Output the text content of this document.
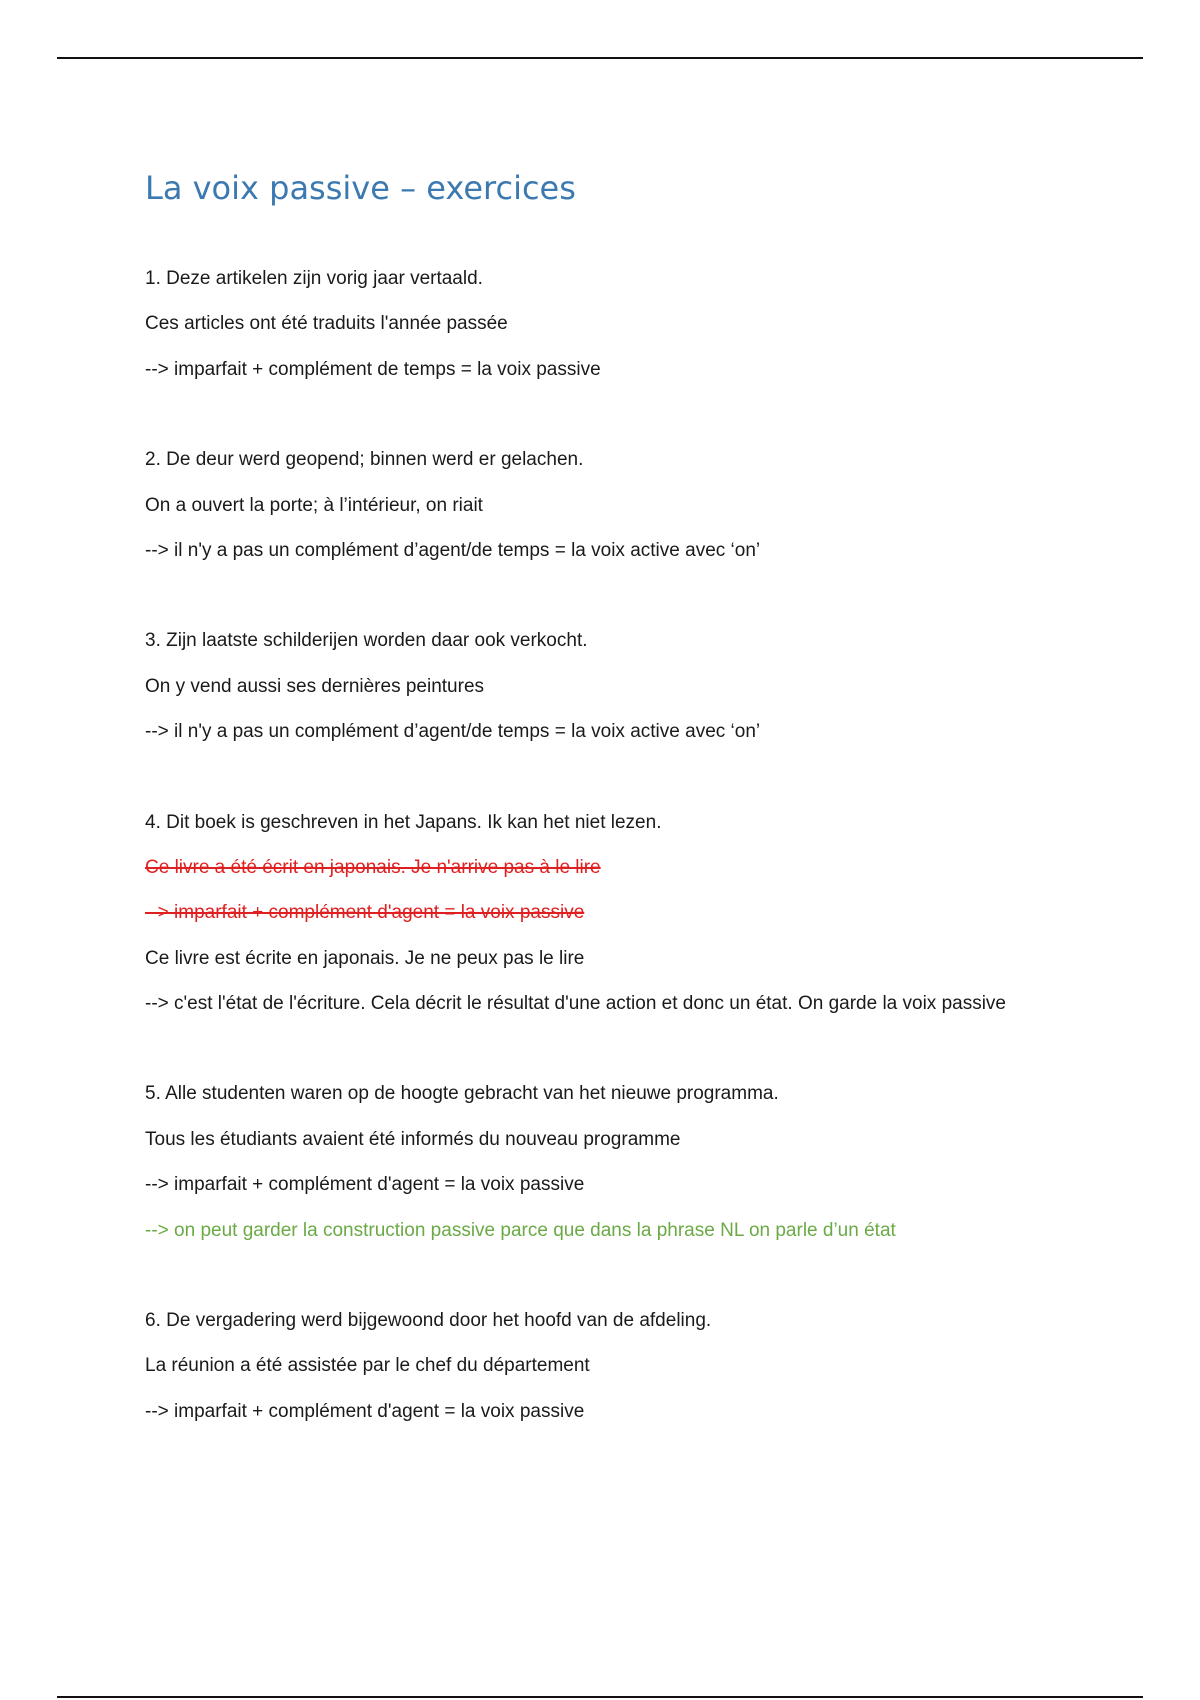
La voix passive – exercices
1. Deze artikelen zijn vorig jaar vertaald.
Ces articles ont été traduits l'année passée
--> imparfait + complément de temps = la voix passive
2. De deur werd geopend; binnen werd er gelachen.
On a ouvert la porte; à l’intérieur, on riait
--> il n'y a pas un complément d’agent/de temps = la voix active avec ‘on’
3. Zijn laatste schilderijen worden daar ook verkocht.
On y vend aussi ses dernières peintures
--> il n'y a pas un complément d’agent/de temps = la voix active avec ‘on’
4. Dit boek is geschreven in het Japans. Ik kan het niet lezen.
Ce livre a été écrit en japonais. Je n'arrive pas à le lire
--> imparfait + complément d'agent = la voix passive
Ce livre est écrite en japonais. Je ne peux pas le lire
--> c'est l'état de l'écriture. Cela décrit le résultat d'une action et donc un état. On garde la voix passive
5. Alle studenten waren op de hoogte gebracht van het nieuwe programma.
Tous les étudiants avaient été informés du nouveau programme
--> imparfait + complément d'agent = la voix passive
--> on peut garder la construction passive parce que dans la phrase NL on parle d’un état
6. De vergadering werd bijgewoond door het hoofd van de afdeling.
La réunion a été assistée par le chef du département
--> imparfait + complément d'agent = la voix passive
